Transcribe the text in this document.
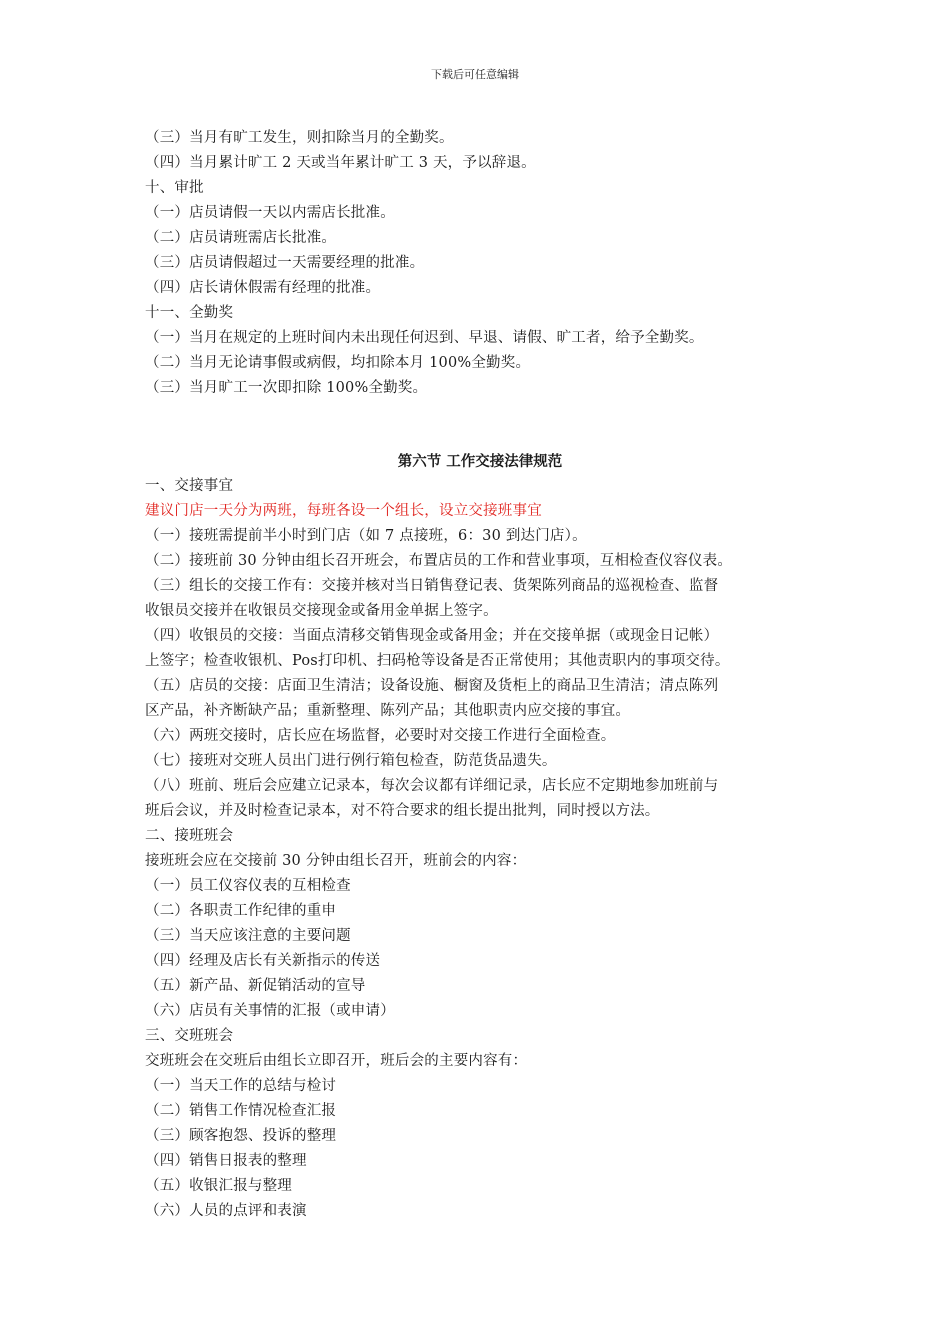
下载后可任意编辑
（三）当月有旷工发生，则扣除当月的全勤奖。
（四）当月累计旷工 2 天或当年累计旷工 3 天，予以辞退。
十、审批
（一）店员请假一天以内需店长批准。
（二）店员请班需店长批准。
（三）店员请假超过一天需要经理的批准。
（四）店长请休假需有经理的批准。
十一、全勤奖
（一）当月在规定的上班时间内未出现任何迟到、早退、请假、旷工者，给予全勤奖。
（二）当月无论请事假或病假，均扣除本月 100%全勤奖。
（三）当月旷工一次即扣除 100%全勤奖。
第六节 工作交接法律规范
一、交接事宜
建议门店一天分为两班，每班各设一个组长，设立交接班事宜
（一）接班需提前半小时到门店（如 7 点接班，6：30 到达门店）。
（二）接班前 30 分钟由组长召开班会，布置店员的工作和营业事项，互相检查仪容仪表。
（三）组长的交接工作有：交接并核对当日销售登记表、货架陈列商品的巡视检查、监督
收银员交接并在收银员交接现金或备用金单据上签字。
（四）收银员的交接：当面点清移交销售现金或备用金；并在交接单据（或现金日记帐）
上签字；检查收银机、Pos打印机、扫码枪等设备是否正常使用；其他责职内的事项交待。
（五）店员的交接：店面卫生清洁；设备设施、橱窗及货柜上的商品卫生清洁；清点陈列
区产品，补齐断缺产品；重新整理、陈列产品；其他职责内应交接的事宜。
（六）两班交接时，店长应在场监督，必要时对交接工作进行全面检查。
（七）接班对交班人员出门进行例行箱包检查，防范货品遗失。
（八）班前、班后会应建立记录本，每次会议都有详细记录，店长应不定期地参加班前与
班后会议，并及时检查记录本，对不符合要求的组长提出批判，同时授以方法。
二、接班班会
接班班会应在交接前 30 分钟由组长召开，班前会的内容：
（一）员工仪容仪表的互相检查
（二）各职责工作纪律的重申
（三）当天应该注意的主要问题
（四）经理及店长有关新指示的传送
（五）新产品、新促销活动的宣导
（六）店员有关事情的汇报（或申请）
三、交班班会
交班班会在交班后由组长立即召开，班后会的主要内容有：
（一）当天工作的总结与检讨
（二）销售工作情况检查汇报
（三）顾客抱怨、投诉的整理
（四）销售日报表的整理
（五）收银汇报与整理
（六）人员的点评和表演
